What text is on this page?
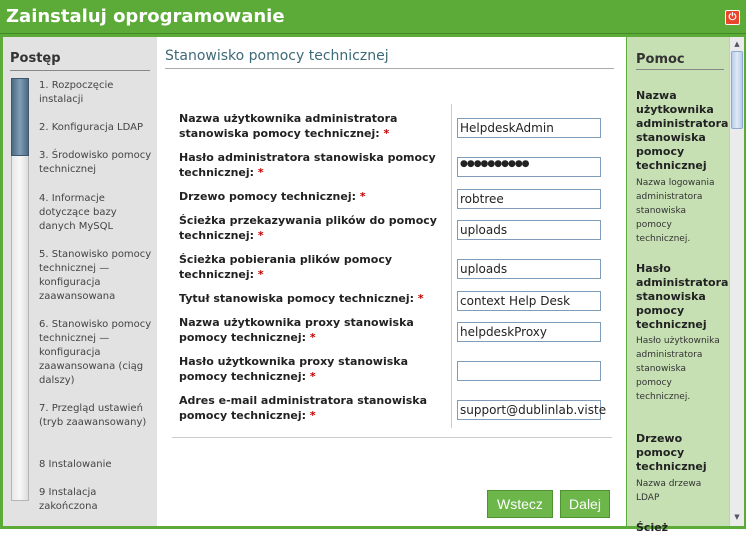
Zainstaluj oprogramowanie	⏻
Postęp
1. Rozpoczęcie instalacji
2. Konfiguracja LDAP
3. Środowisko pomocy technicznej
4. Informacje dotyczące bazy danych MySQL
5. Stanowisko pomocy technicznej — konfiguracja zaawansowana
6. Stanowisko pomocy technicznej — konfiguracja zaawansowana (ciąg dalszy)
7. Przegląd ustawień (tryb zaawansowany)
8 Instalowanie
9 Instalacja zakończona
Stanowisko pomocy technicznej
Nazwa użytkownika administratora stanowiska pomocy technicznej: *	HelpdeskAdmin
Hasło administratora stanowiska pomocy technicznej: *
●●●●●●●●●●
Drzewo pomocy technicznej: *	robtree
Ścieżka przekazywania plików do pomocy technicznej: *	uploads
Ścieżka pobierania plików pomocy technicznej: *	uploads
Tytuł stanowiska pomocy technicznej: *	context Help Desk
Nazwa użytkownika proxy stanowiska pomocy technicznej: *	helpdeskProxy
Hasło użytkownika proxy stanowiska pomocy technicznej: *
Adres e-mail administratora stanowiska pomocy technicznej: *	support@dublinlab.viste
Wstecz	Dalej
Pomoc
Nazwa użytkownika administratora stanowiska pomocy technicznej
Nazwa logowania administratora stanowiska pomocy technicznej.
Hasło administratora stanowiska pomocy technicznej
Hasło użytkownika administratora stanowiska pomocy technicznej.
Drzewo pomocy technicznej
Nazwa drzewa LDAP
Ścież
▲
▼
